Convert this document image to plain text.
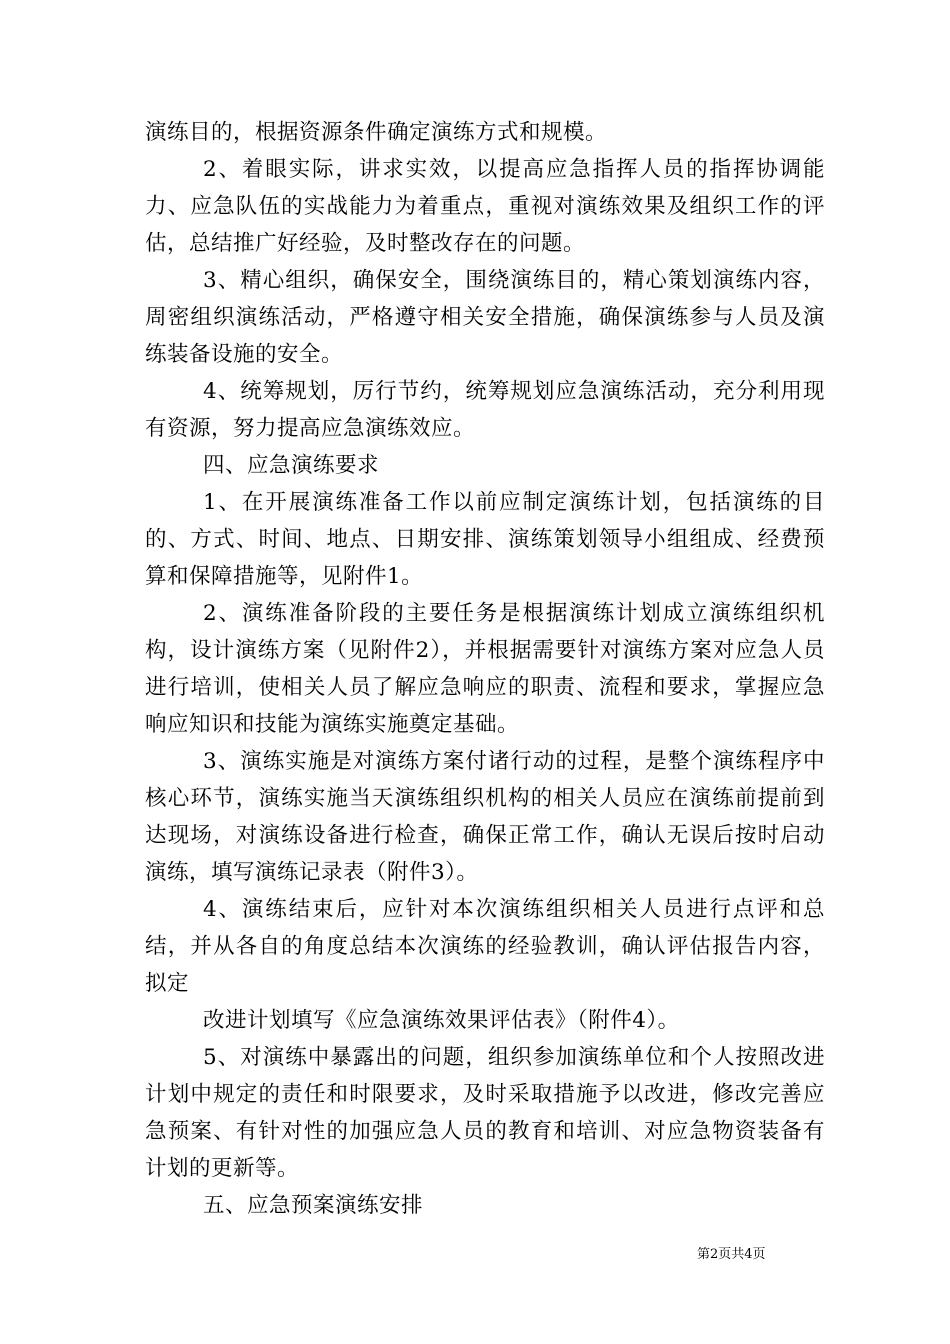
演练目的，根据资源条件确定演练方式和规模。

2、着眼实际，讲求实效，以提高应急指挥人员的指挥协调能力、应急队伍的实战能力为着重点，重视对演练效果及组织工作的评估，总结推广好经验，及时整改存在的问题。

3、精心组织，确保安全，围绕演练目的，精心策划演练内容，周密组织演练活动，严格遵守相关安全措施，确保演练参与人员及演练装备设施的安全。

4、统筹规划，厉行节约，统筹规划应急演练活动，充分利用现有资源，努力提高应急演练效应。

四、应急演练要求

1、在开展演练准备工作以前应制定演练计划，包括演练的目的、方式、时间、地点、日期安排、演练策划领导小组组成、经费预算和保障措施等，见附件1。

2、演练准备阶段的主要任务是根据演练计划成立演练组织机构，设计演练方案（见附件2），并根据需要针对演练方案对应急人员进行培训，使相关人员了解应急响应的职责、流程和要求，掌握应急响应知识和技能为演练实施奠定基础。

3、演练实施是对演练方案付诸行动的过程，是整个演练程序中核心环节，演练实施当天演练组织机构的相关人员应在演练前提前到达现场，对演练设备进行检查，确保正常工作，确认无误后按时启动演练，填写演练记录表（附件3）。

4、演练结束后，应针对本次演练组织相关人员进行点评和总结，并从各自的角度总结本次演练的经验教训，确认评估报告内容，拟定

改进计划填写《应急演练效果评估表》（附件4）。

5、对演练中暴露出的问题，组织参加演练单位和个人按照改进计划中规定的责任和时限要求，及时采取措施予以改进，修改完善应急预案、有针对性的加强应急人员的教育和培训、对应急物资装备有计划的更新等。

五、应急预案演练安排

第2页共4页
